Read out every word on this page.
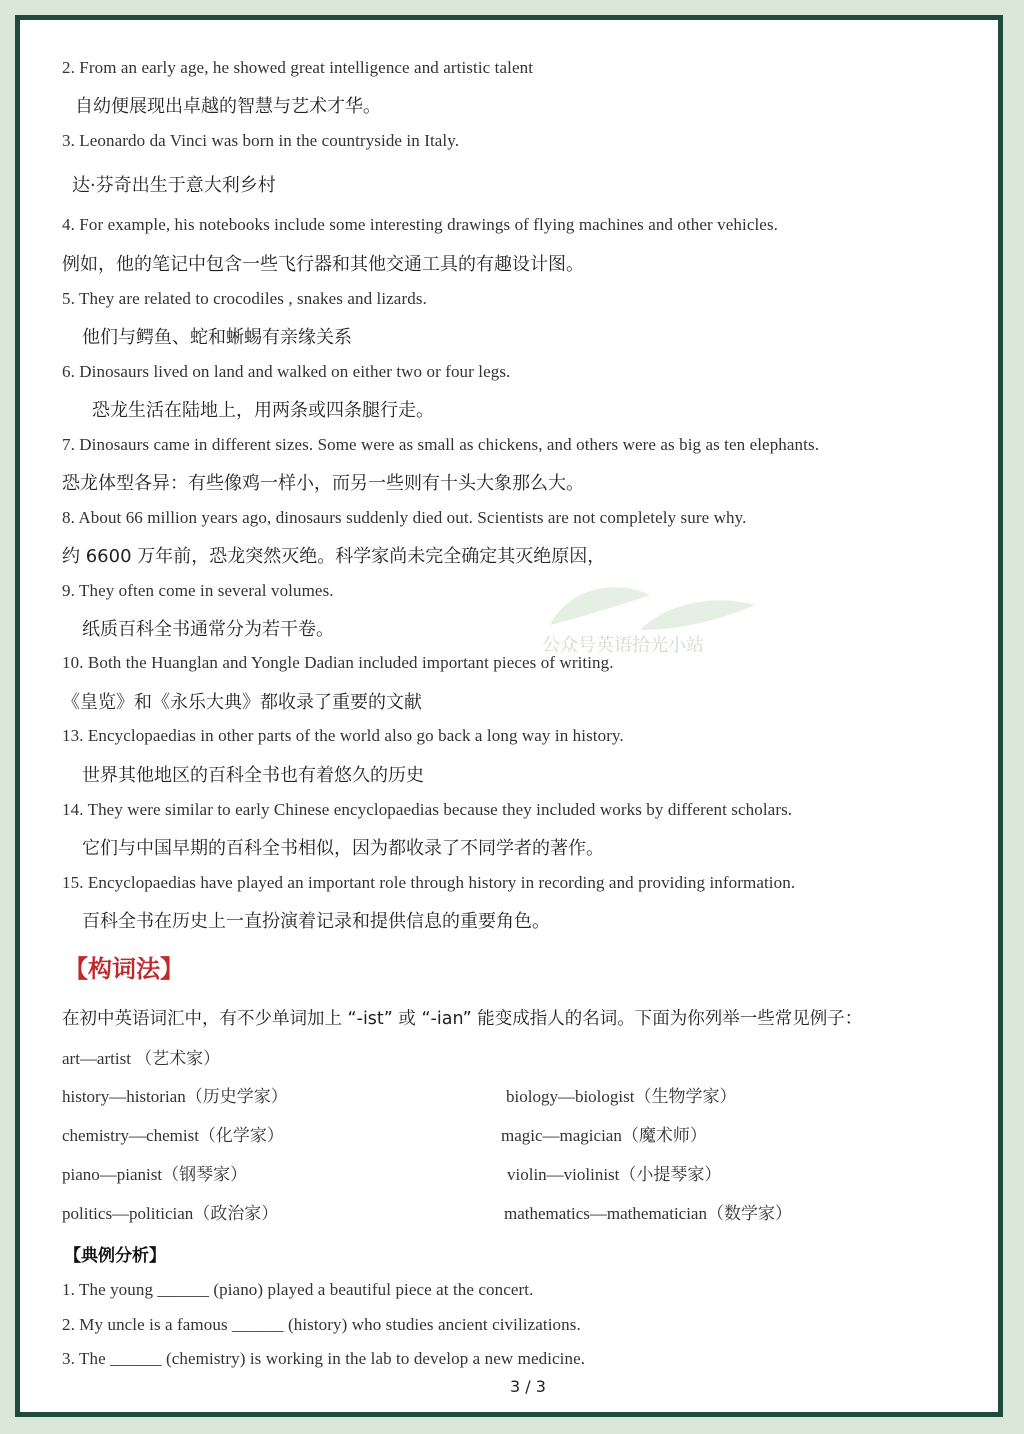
公众号英语拾光小站
2. From an early age, he showed great intelligence and artistic talent
自幼便展现出卓越的智慧与艺术才华。
3. Leonardo da Vinci was born in the countryside in Italy.
达·芬奇出生于意大利乡村
4. For example, his notebooks include some interesting drawings of flying machines and other vehicles.
例如，他的笔记中包含一些飞行器和其他交通工具的有趣设计图。
5. They are related to crocodiles , snakes and lizards.
他们与鳄鱼、蛇和蜥蜴有亲缘关系
6. Dinosaurs lived on land and walked on either two or four legs.
恐龙生活在陆地上，用两条或四条腿行走。
7. Dinosaurs came in different sizes. Some were as small as chickens, and others were as big as ten elephants.
恐龙体型各异：有些像鸡一样小，而另一些则有十头大象那么大。
8. About 66 million years ago, dinosaurs suddenly died out. Scientists are not completely sure why.
约 6600 万年前，恐龙突然灭绝。科学家尚未完全确定其灭绝原因，
9. They often come in several volumes.
纸质百科全书通常分为若干卷。
10. Both the Huanglan and Yongle Dadian included important pieces of writing.
《皇览》和《永乐大典》都收录了重要的文献
13. Encyclopaedias in other parts of the world also go back a long way in history.
世界其他地区的百科全书也有着悠久的历史
14. They were similar to early Chinese encyclopaedias because they included works by different scholars.
它们与中国早期的百科全书相似，因为都收录了不同学者的著作。
15. Encyclopaedias have played an important role through history in recording and providing information.
百科全书在历史上一直扮演着记录和提供信息的重要角色。
【构词法】
在初中英语词汇中，有不少单词加上 “-ist” 或 “-ian” 能变成指人的名词。下面为你列举一些常见例子：
art—artist （艺术家）
history—historian（历史学家）	biology—biologist（生物学家）
chemistry—chemist（化学家）	magic—magician（魔术师）
piano—pianist（钢琴家）	violin—violinist（小提琴家）
politics—politician（政治家）	mathematics—mathematician（数学家）
【典例分析】
1. The young ______ (piano) played a beautiful piece at the concert.
2. My uncle is a famous ______ (history) who studies ancient civilizations.
3. The ______ (chemistry) is working in the lab to develop a new medicine.
3 / 3
